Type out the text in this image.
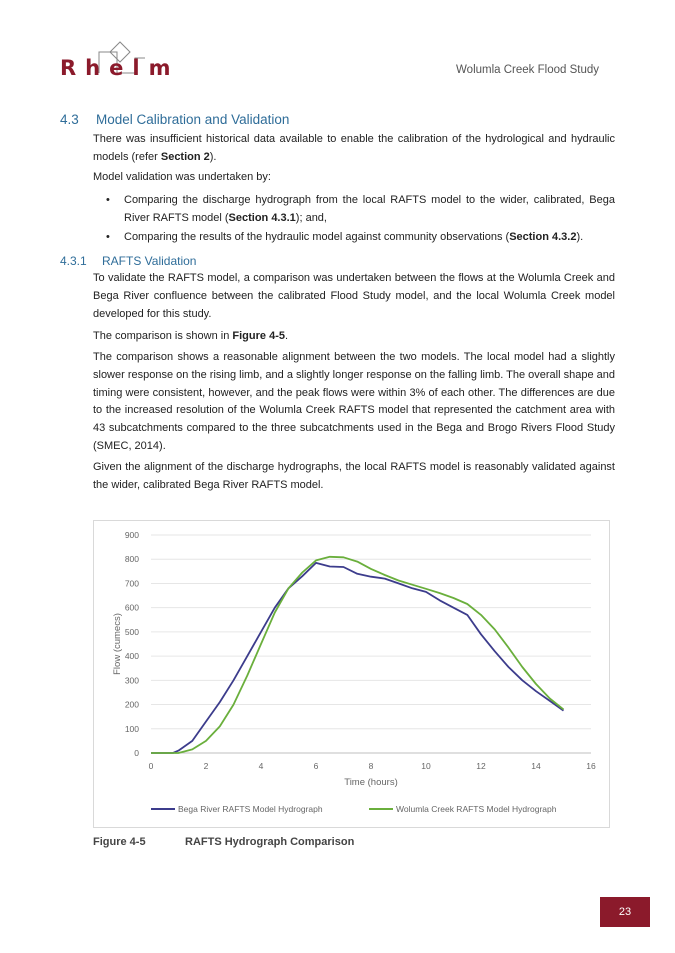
R h e l m	Wolumla Creek Flood Study
4.3 Model Calibration and Validation
There was insufficient historical data available to enable the calibration of the hydrological and hydraulic models (refer Section 2).
Model validation was undertaken by:
• Comparing the discharge hydrograph from the local RAFTS model to the wider, calibrated, Bega River RAFTS model (Section 4.3.1); and,
• Comparing the results of the hydraulic model against community observations (Section 4.3.2).
4.3.1 RAFTS Validation
To validate the RAFTS model, a comparison was undertaken between the flows at the Wolumla Creek and Bega River confluence between the calibrated Flood Study model, and the local Wolumla Creek model developed for this study.
The comparison is shown in Figure 4-5.
The comparison shows a reasonable alignment between the two models. The local model had a slightly slower response on the rising limb, and a slightly longer response on the falling limb. The overall shape and timing were consistent, however, and the peak flows were within 3% of each other. The differences are due to the increased resolution of the Wolumla Creek RAFTS model that represented the catchment area with 43 subcatchments compared to the three subcatchments used in the Bega and Brogo Rivers Flood Study (SMEC, 2014).
Given the alignment of the discharge hydrographs, the local RAFTS model is reasonably validated against the wider, calibrated Bega River RAFTS model.
0
100
200
300
400
500
600
700
800
900
0	2	4	6	8	10	12	14	16
Time (hours)
Flow (cumecs)
Bega River RAFTS Model Hydrograph	Wolumla Creek RAFTS Model Hydrograph
Figure 4-5	RAFTS Hydrograph Comparison
23
